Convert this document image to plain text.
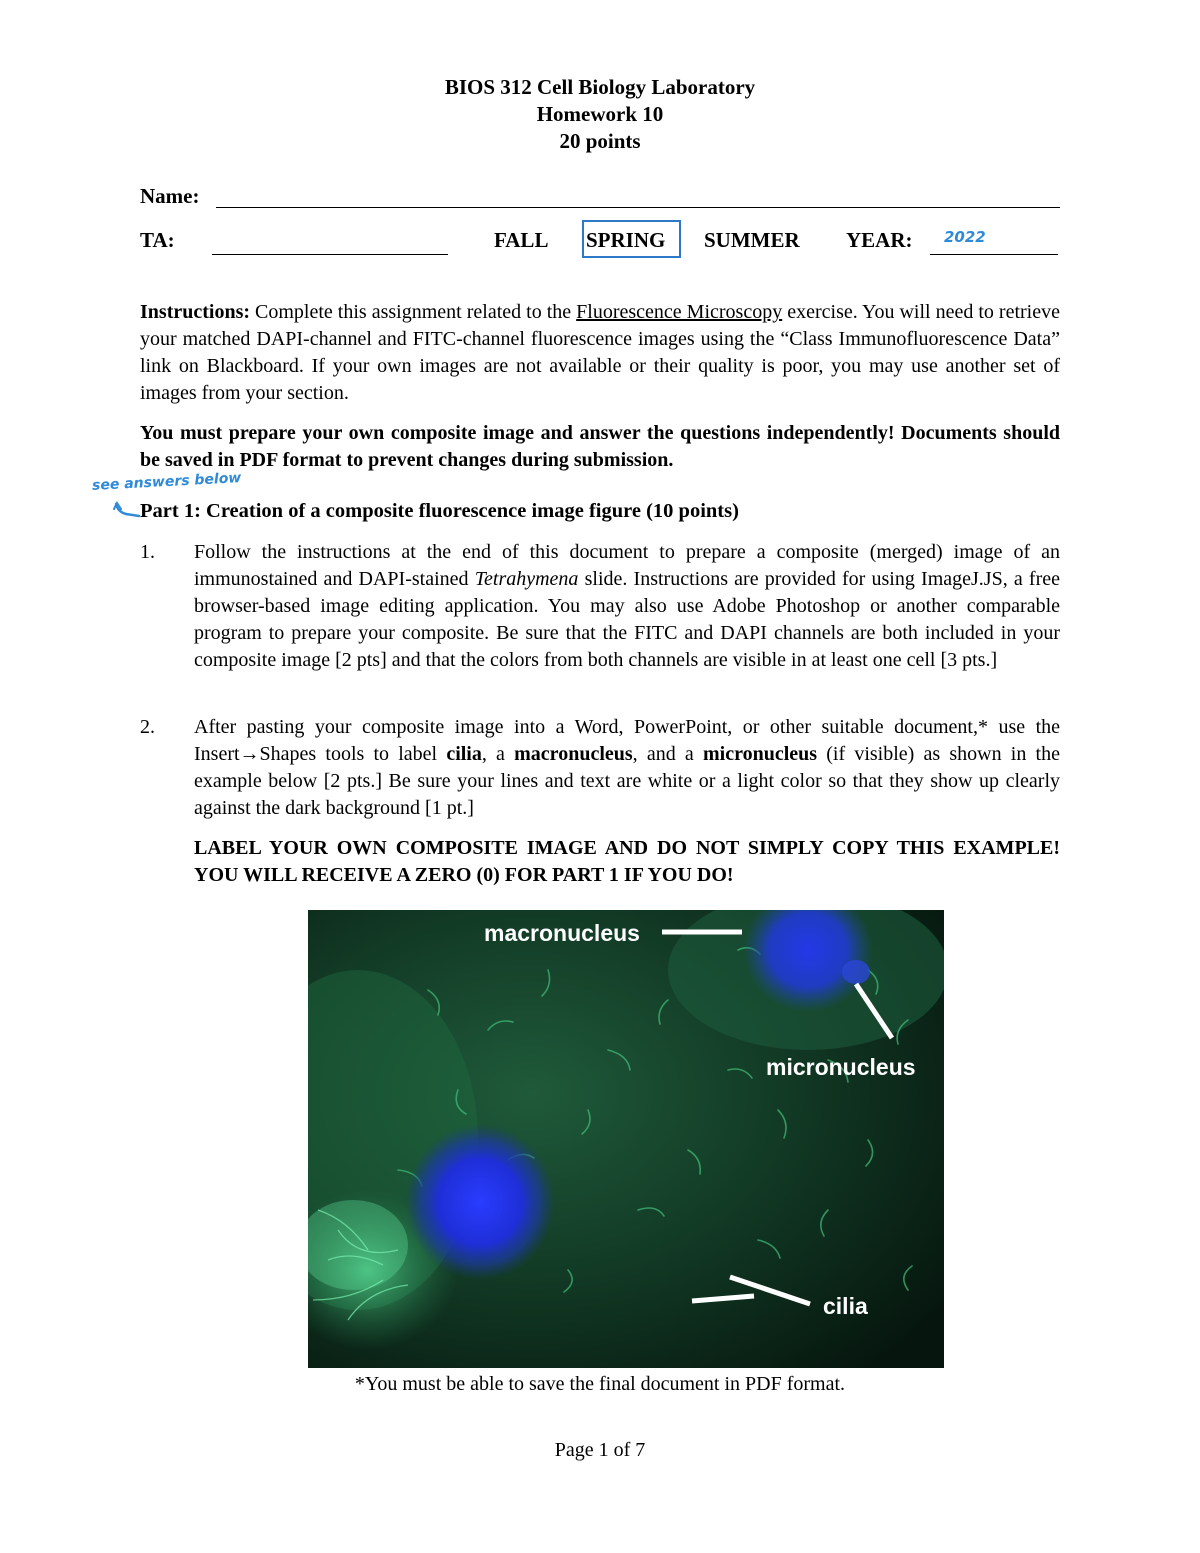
BIOS 312 Cell Biology Laboratory
Homework 10
20 points
Name:
TA:	FALL SPRING SUMMER YEAR: 2022
Instructions: Complete this assignment related to the Fluorescence Microscopy exercise. You will need to retrieve your matched DAPI-channel and FITC-channel fluorescence images using the “Class Immunofluorescence Data” link on Blackboard. If your own images are not available or their quality is poor, you may use another set of images from your section.
You must prepare your own composite image and answer the questions independently! Documents should be saved in PDF format to prevent changes during submission.
see answers below
Part 1: Creation of a composite fluorescence image figure (10 points)
1. Follow the instructions at the end of this document to prepare a composite (merged) image of an immunostained and DAPI-stained Tetrahymena slide. Instructions are provided for using ImageJ.JS, a free browser-based image editing application. You may also use Adobe Photoshop or another comparable program to prepare your composite. Be sure that the FITC and DAPI channels are both included in your composite image [2 pts] and that the colors from both channels are visible in at least one cell [3 pts.]
2. After pasting your composite image into a Word, PowerPoint, or other suitable document,* use the Insert→Shapes tools to label cilia, a macronucleus, and a micronucleus (if visible) as shown in the example below [2 pts.] Be sure your lines and text are white or a light color so that they show up clearly against the dark background [1 pt.]
LABEL YOUR OWN COMPOSITE IMAGE AND DO NOT SIMPLY COPY THIS EXAMPLE! YOU WILL RECEIVE A ZERO (0) FOR PART 1 IF YOU DO!
macronucleus
micronucleus
cilia
*You must be able to save the final document in PDF format.
Page 1 of 7
